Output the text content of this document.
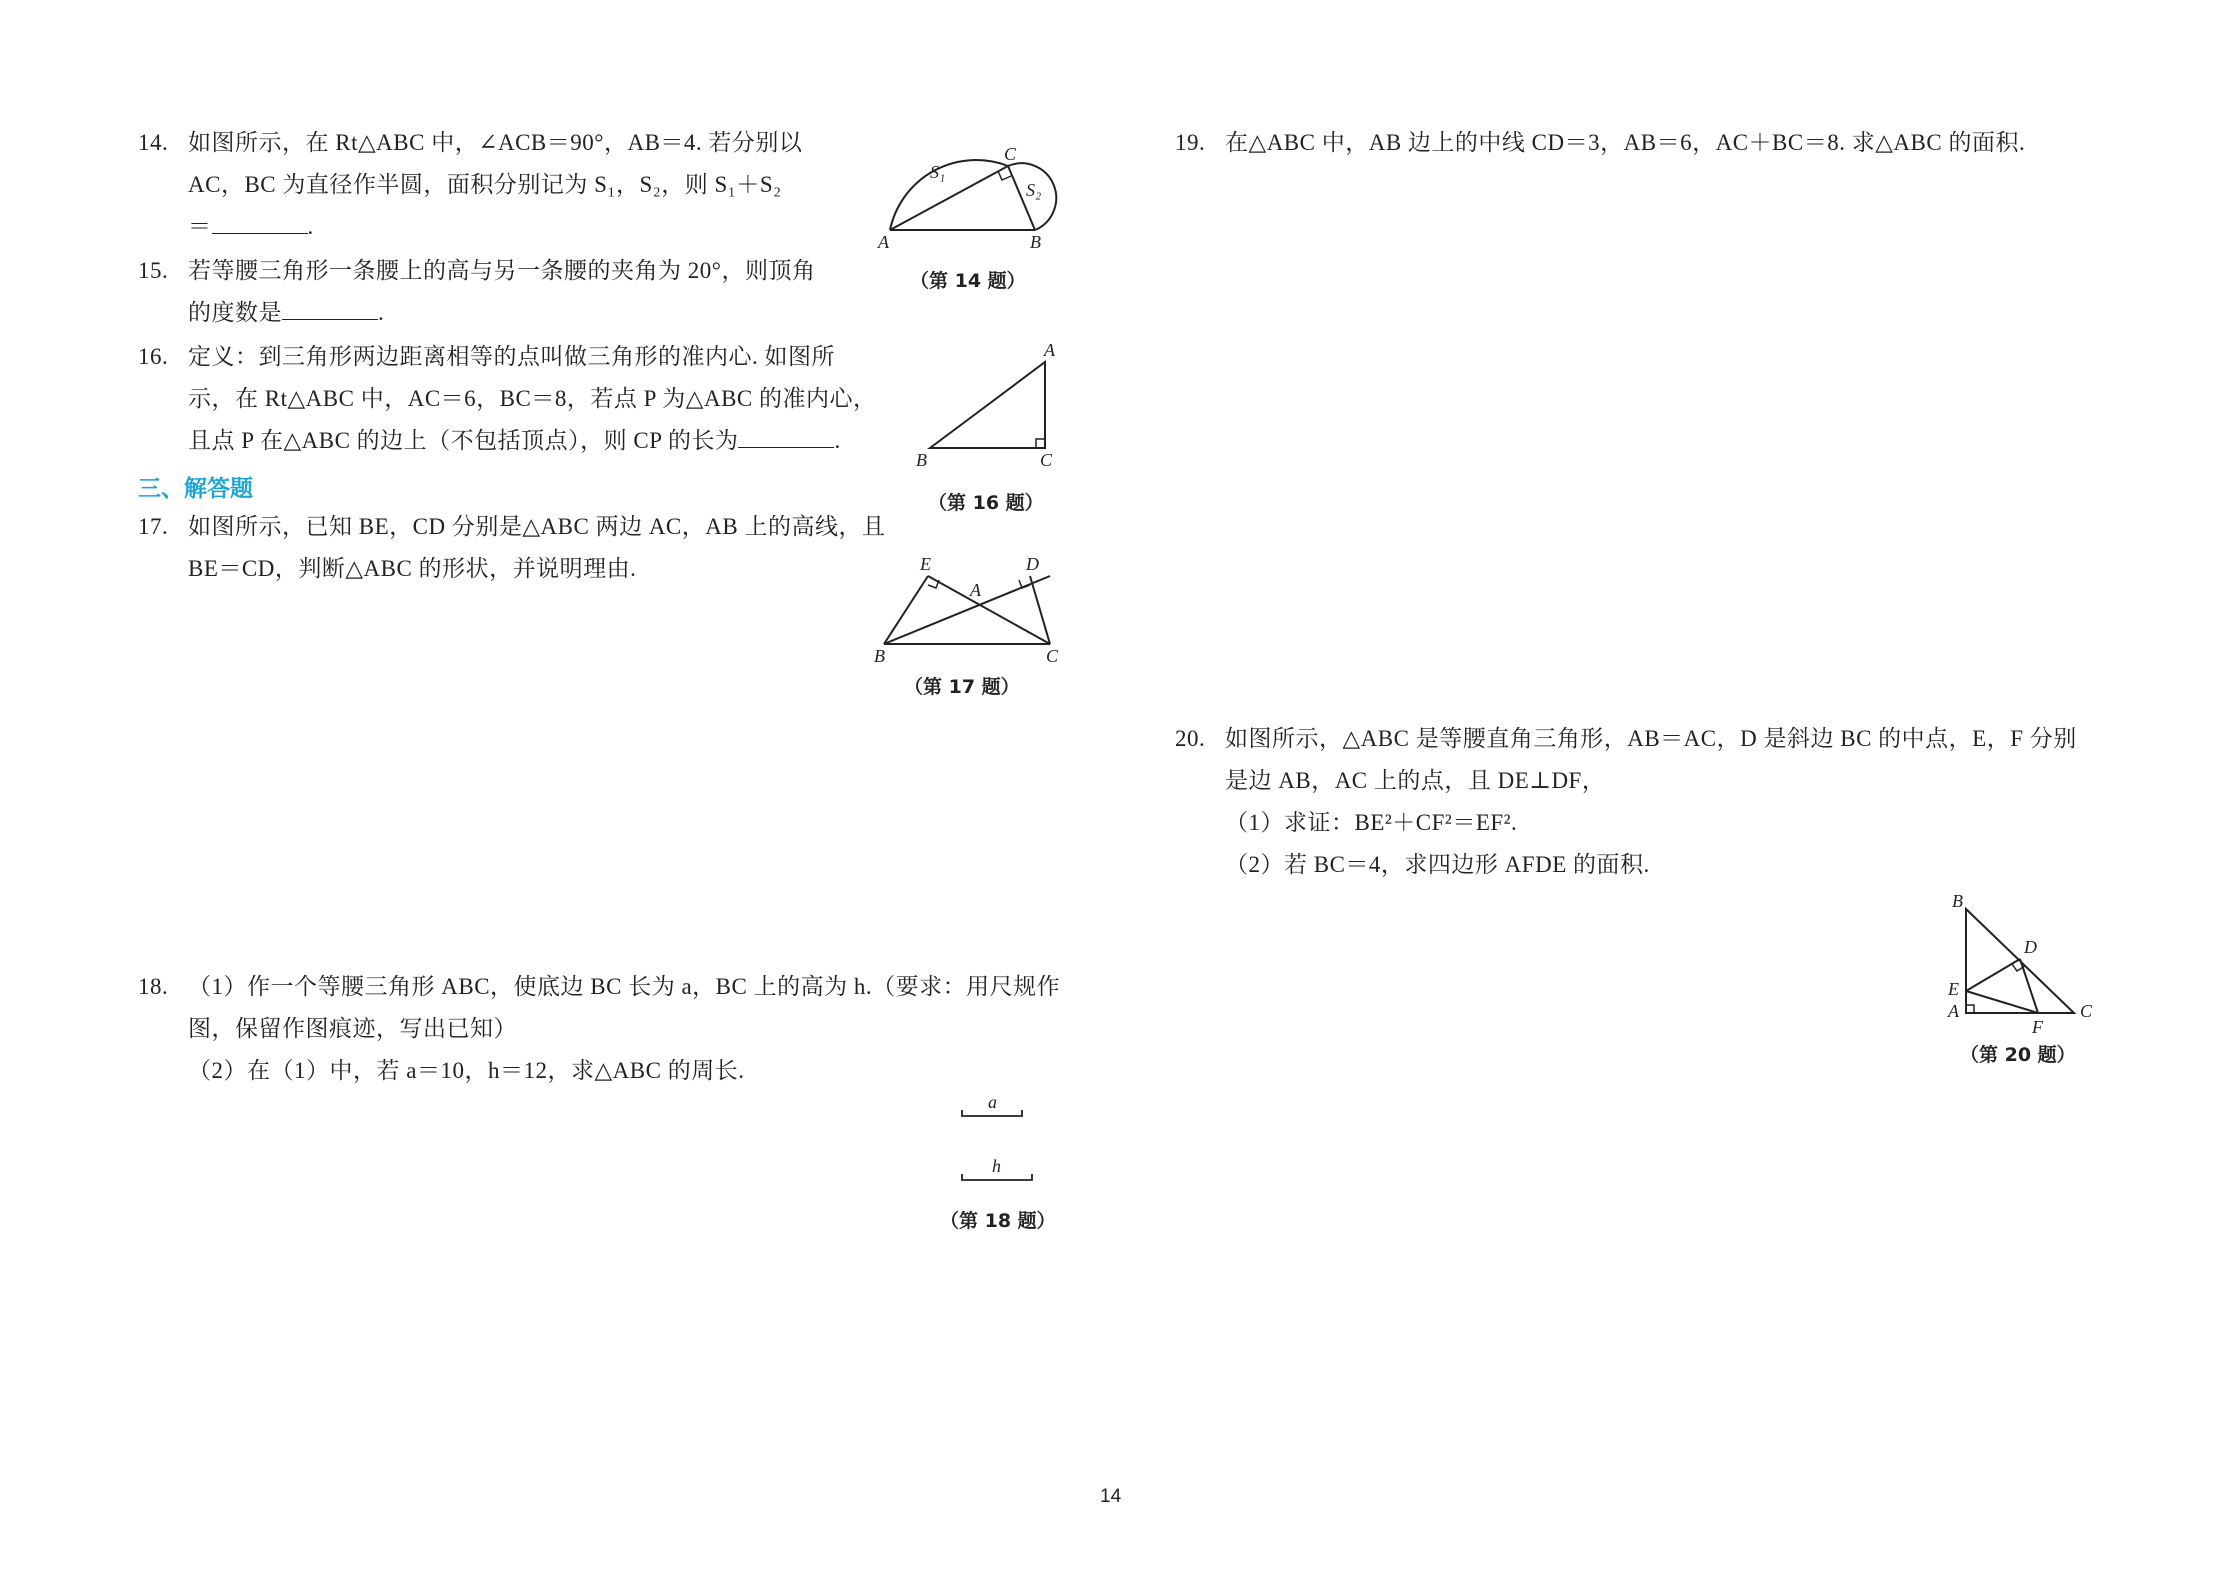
14. 如图所示，在 Rt△ABC 中，∠ACB＝90°，AB＝4. 若分别以
AC，BC 为直径作半圆，面积分别记为 S₁，S₂，则 S₁＋S₂
＝	.
A	B
C
S₁
S₂
（第 14 题）
15. 若等腰三角形一条腰上的高与另一条腰的夹角为 20°，则顶角
的度数是	.
16. 定义：到三角形两边距离相等的点叫做三角形的准内心. 如图所
示，在 Rt△ABC 中，AC＝6，BC＝8，若点 P 为△ABC 的准内心，
且点 P 在△ABC 的边上（不包括顶点），则 CP 的长为	.
A
B	C
（第 16 题）
三、解答题
17. 如图所示，已知 BE，CD 分别是△ABC 两边 AC，AB 上的高线，且
BE＝CD，判断△ABC 的形状，并说明理由.	E	D
A
B	C
（第 17 题）
18. （1）作一个等腰三角形 ABC，使底边 BC 长为 a，BC 上的高为 h.（要求：用尺规作
图，保留作图痕迹，写出已知）
（2）在（1）中，若 a＝10，h＝12，求△ABC 的周长.
a
h
（第 18 题）
19. 在△ABC 中，AB 边上的中线 CD＝3，AB＝6，AC＋BC＝8. 求△ABC 的面积.
20. 如图所示，△ABC 是等腰直角三角形，AB＝AC，D 是斜边 BC 的中点，E，F 分别
是边 AB，AC 上的点，且 DE⊥DF，
（1）求证：BE²＋CF²＝EF².
（2）若 BC＝4，求四边形 AFDE 的面积.
B
D
E
A
F
C
（第 20 题）
14
